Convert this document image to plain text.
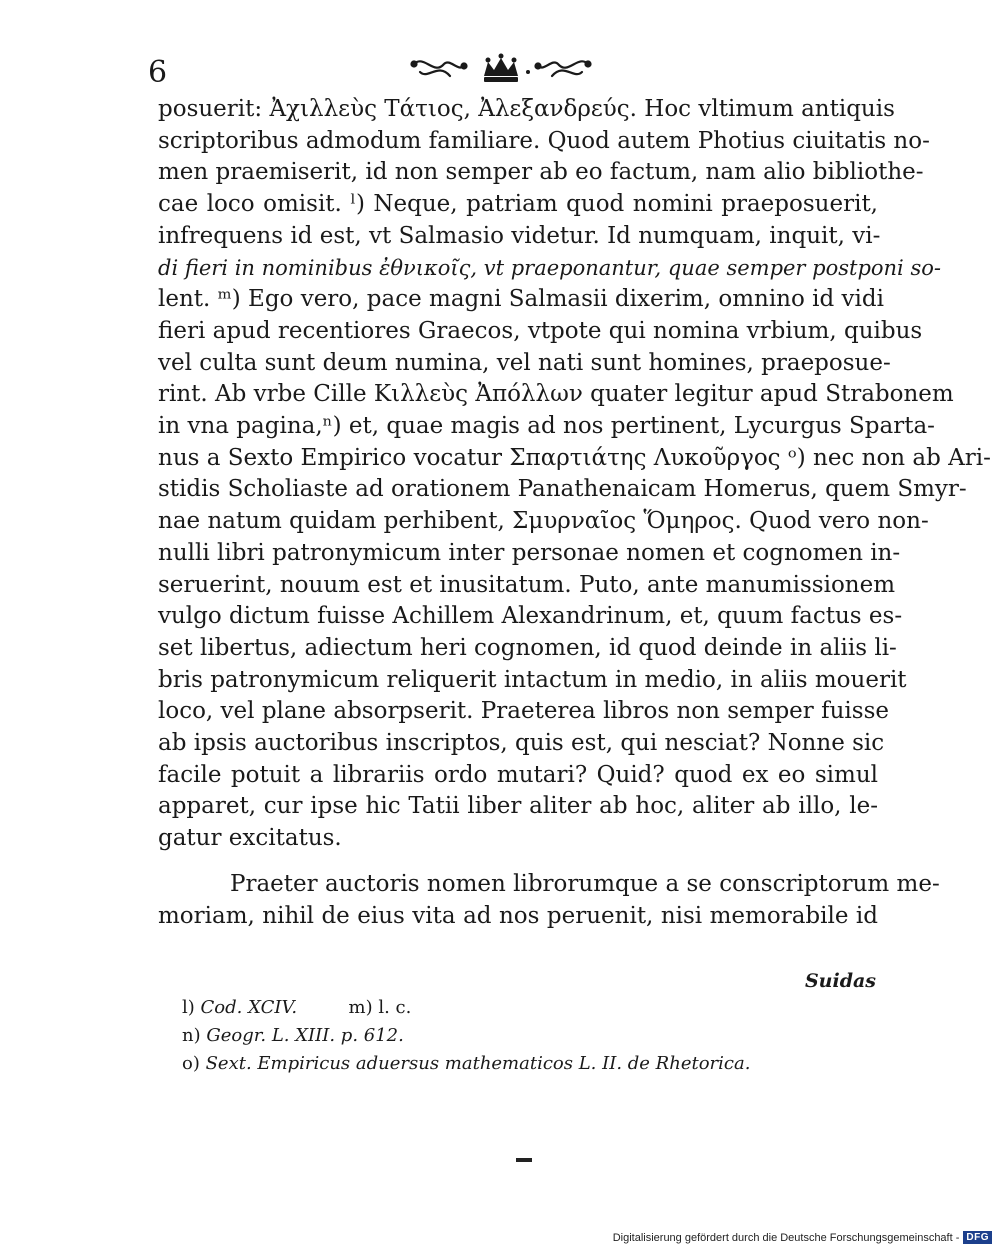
6
posuerit: Ἀχιλλεὺς Τάτιος, Ἀλεξανδρεύς. Hoc vltimum antiquis
scriptoribus admodum familiare. Quod autem Photius ciuitatis no-
men praemiserit, id non semper ab eo factum, nam alio bibliothe-
cae loco omisit. ˡ) Neque, patriam quod nomini praeposuerit,
infrequens id est, vt Salmasio videtur. Id numquam, inquit, vi-
di fieri in nominibus ἐθνικοῖς, vt praeponantur, quae semper postponi so-
lent. ᵐ) Ego vero, pace magni Salmasii dixerim, omnino id vidi
fieri apud recentiores Graecos, vtpote qui nomina vrbium, quibus
vel culta sunt deum numina, vel nati sunt homines, praeposue-
rint. Ab vrbe Cille Κιλλεὺς Ἀπόλλων quater legitur apud Strabonem
in vna pagina,ⁿ) et, quae magis ad nos pertinent, Lycurgus Sparta-
nus a Sexto Empirico vocatur Σπαρτιάτης Λυκοῦργος ᵒ) nec non ab Ari-
stidis Scholiaste ad orationem Panathenaicam Homerus, quem Smyr-
nae natum quidam perhibent, Σμυρναῖος Ὅμηρος. Quod vero non-
nulli libri patronymicum inter personae nomen et cognomen in-
seruerint, nouum est et inusitatum. Puto, ante manumissionem
vulgo dictum fuisse Achillem Alexandrinum, et, quum factus es-
set libertus, adiectum heri cognomen, id quod deinde in aliis li-
bris patronymicum reliquerit intactum in medio, in aliis mouerit
loco, vel plane absorpserit. Praeterea libros non semper fuisse
ab ipsis auctoribus inscriptos, quis est, qui nesciat? Nonne sic
facile potuit a librariis ordo mutari? Quid? quod ex eo simul
apparet, cur ipse hic Tatii liber aliter ab hoc, aliter ab illo, le-
gatur excitatus.
Praeter auctoris nomen librorumque a se conscriptorum me-
moriam, nihil de eius vita ad nos peruenit, nisi memorabile id
Suidas
l) Cod. XCIV.	m) l. c.
n) Geogr. L. XIII. p. 612.
o) Sext. Empiricus aduersus mathematicos L. II. de Rhetorica.
Digitalisierung gefördert durch die Deutsche Forschungsgemeinschaft - DFG
